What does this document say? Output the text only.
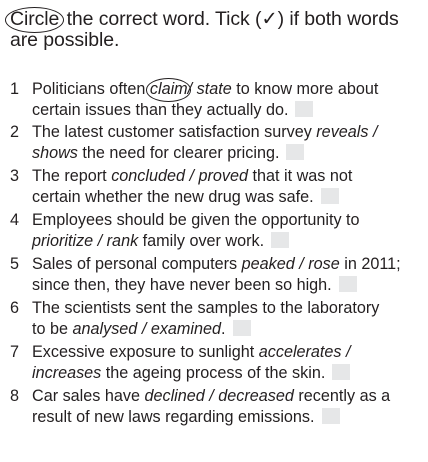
Circle the correct word. Tick (✓) if both words
are possible.
1 Politicians often claim/ state to know more about
certain issues than they actually do.
2 The latest customer satisfaction survey reveals /
shows the need for clearer pricing.
3 The report concluded / proved that it was not
certain whether the new drug was safe.
4 Employees should be given the opportunity to
prioritize / rank family over work.
5 Sales of personal computers peaked / rose in 2011;
since then, they have never been so high.
6 The scientists sent the samples to the laboratory
to be analysed / examined.
7 Excessive exposure to sunlight accelerates /
increases the ageing process of the skin.
8 Car sales have declined / decreased recently as a
result of new laws regarding emissions.
